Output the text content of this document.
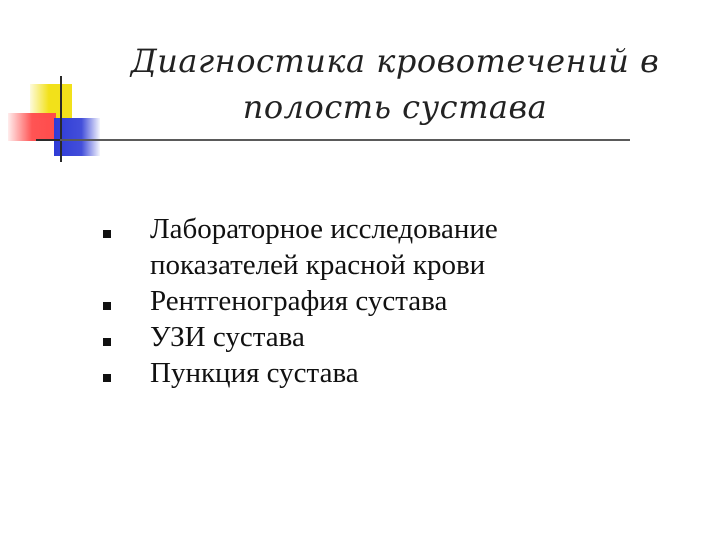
Диагностика кровотечений в
полость сустава
Лабораторное исследование
показателей красной крови
Рентгенография сустава
УЗИ сустава
Пункция сустава
